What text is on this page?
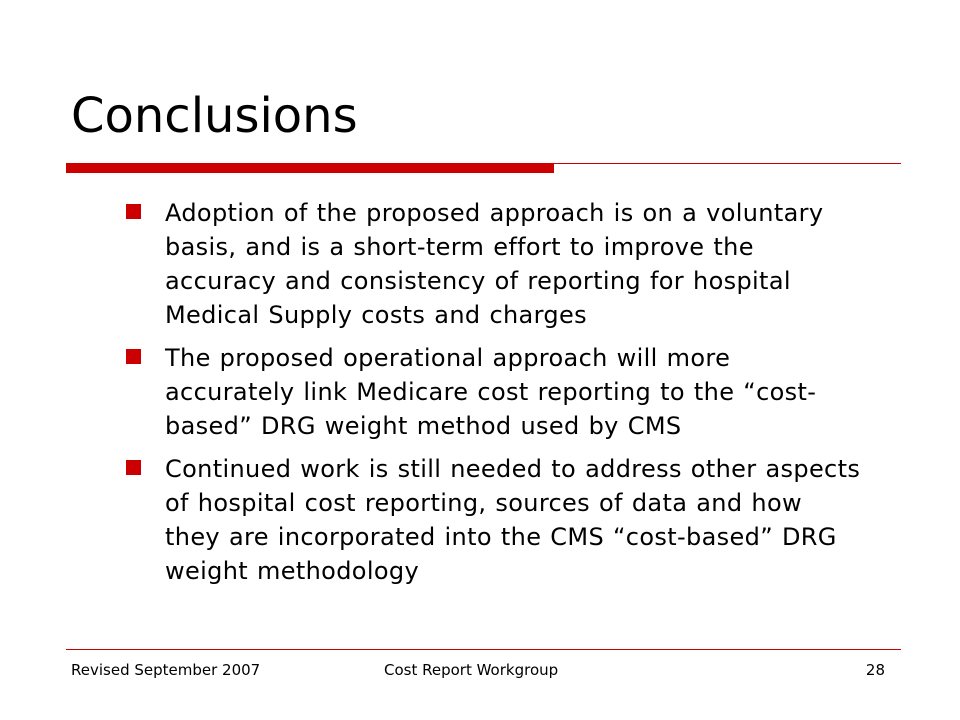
Conclusions
Adoption of the proposed approach is on a voluntary basis, and is a short-term effort to improve the accuracy and consistency of reporting for hospital Medical Supply costs and charges
The proposed operational approach will more accurately link Medicare cost reporting to the “cost-based” DRG weight method used by CMS
Continued work is still needed to address other aspects of hospital cost reporting, sources of data and how they are incorporated into the CMS “cost-based” DRG weight methodology
Revised September 2007	Cost Report Workgroup	28
